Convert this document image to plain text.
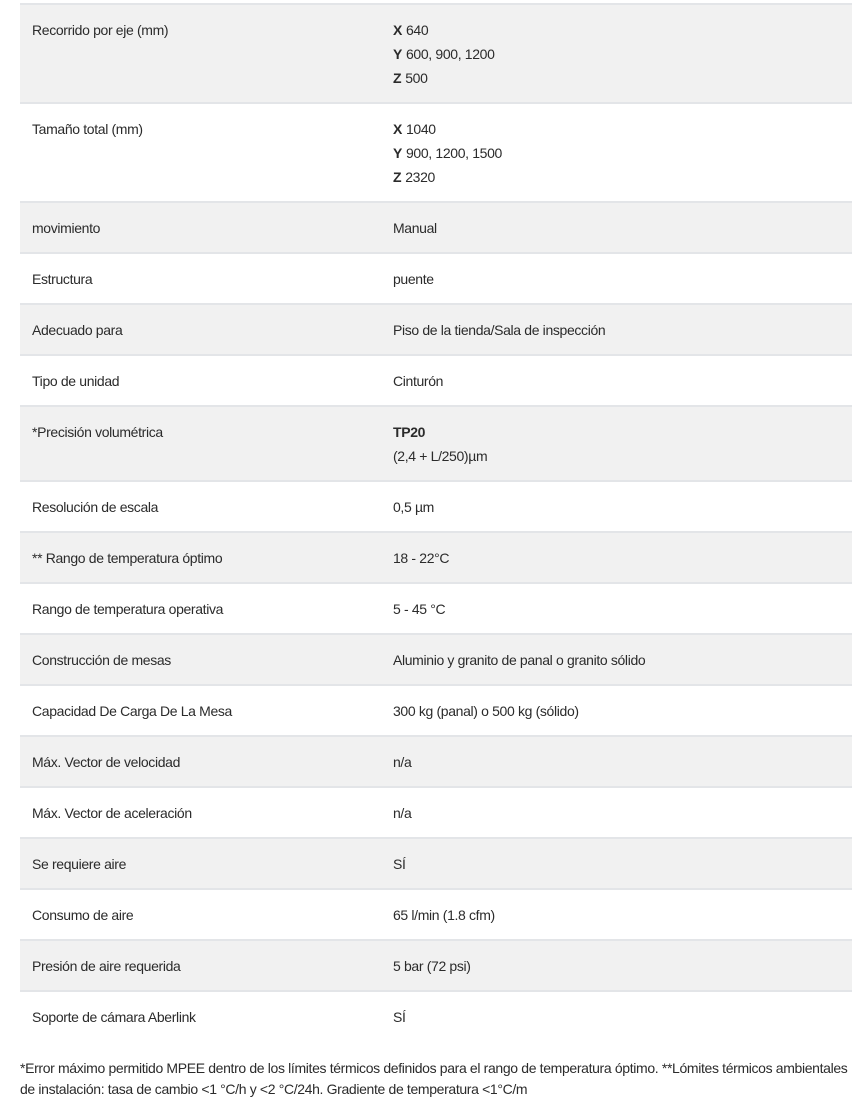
Recorrido por eje (mm)	X 640
Y 600, 900, 1200
Z 500

Tamaño total (mm)	X 1040
Y 900, 1200, 1500
Z 2320

movimiento	Manual
Estructura	puente
Adecuado para	Piso de la tienda/Sala de inspección
Tipo de unidad	Cinturón
*Precisión volumétrica	TP20
(2,4 + L/250)µm

Resolución de escala	0,5 µm
** Rango de temperatura óptimo	18 - 22°C
Rango de temperatura operativa	5 - 45 °C
Construcción de mesas	Aluminio y granito de panal o granito sólido
Capacidad De Carga De La Mesa	300 kg (panal) o 500 kg (sólido)
Máx. Vector de velocidad	n/a
Máx. Vector de aceleración	n/a
Se requiere aire	SÍ
Consumo de aire	65 l/min (1.8 cfm)
Presión de aire requerida	5 bar (72 psi)
Soporte de cámara Aberlink	SÍ

*Error máximo permitido MPEE dentro de los límites térmicos definidos para el rango de temperatura óptimo. **Lómites térmicos ambientales de instalación: tasa de cambio <1 °C/h y <2 °C/24h. Gradiente de temperatura <1°C/m
